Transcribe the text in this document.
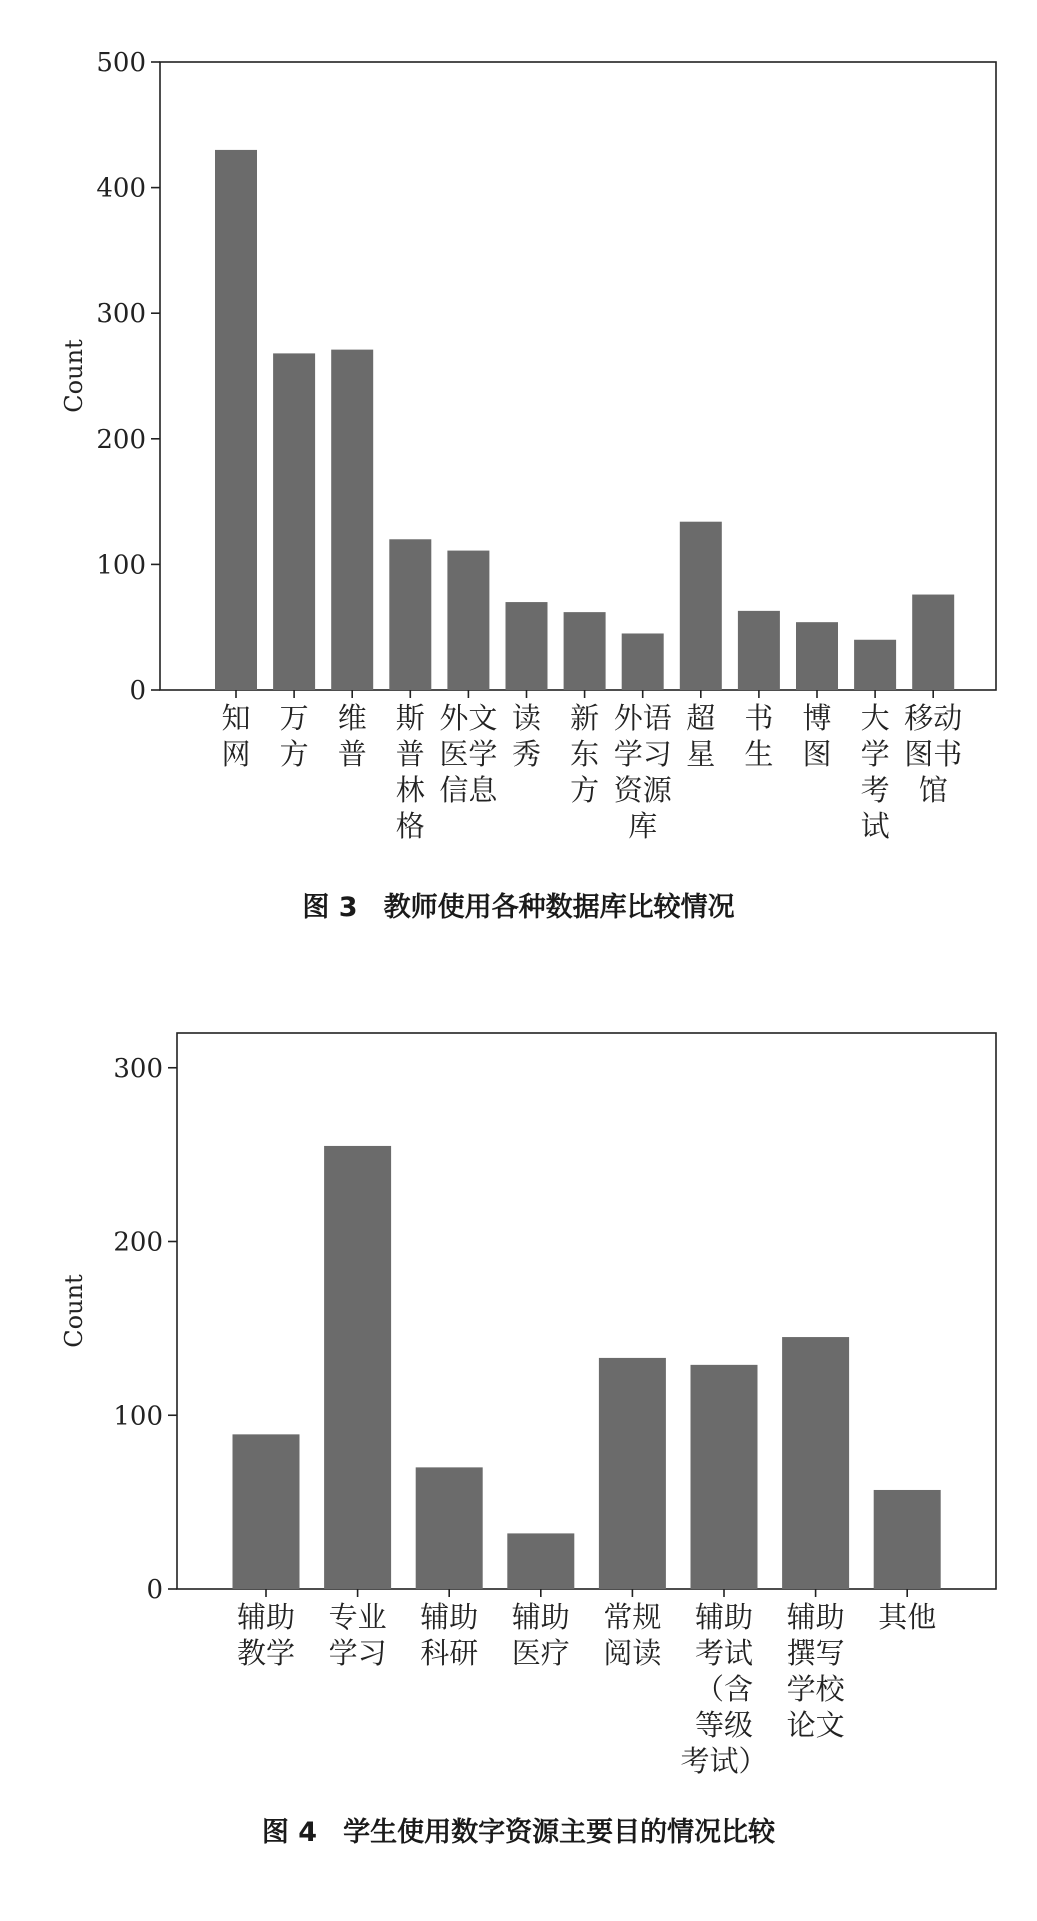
0
100
200
300
400
500
Count
知网
万方
维普
斯普林格
外文医学信息
读秀
新东方
外语学习资源库
超星
书生
博图
大学考试
移动图书馆
图 3 教师使用各种数据库比较情况
0
100
200
300
Count
辅助教学
专业学习
辅助科研
辅助医疗
常规阅读
辅助考试（含等级考试）
辅助撰写学校论文
其他
图 4 学生使用数字资源主要目的情况比较
